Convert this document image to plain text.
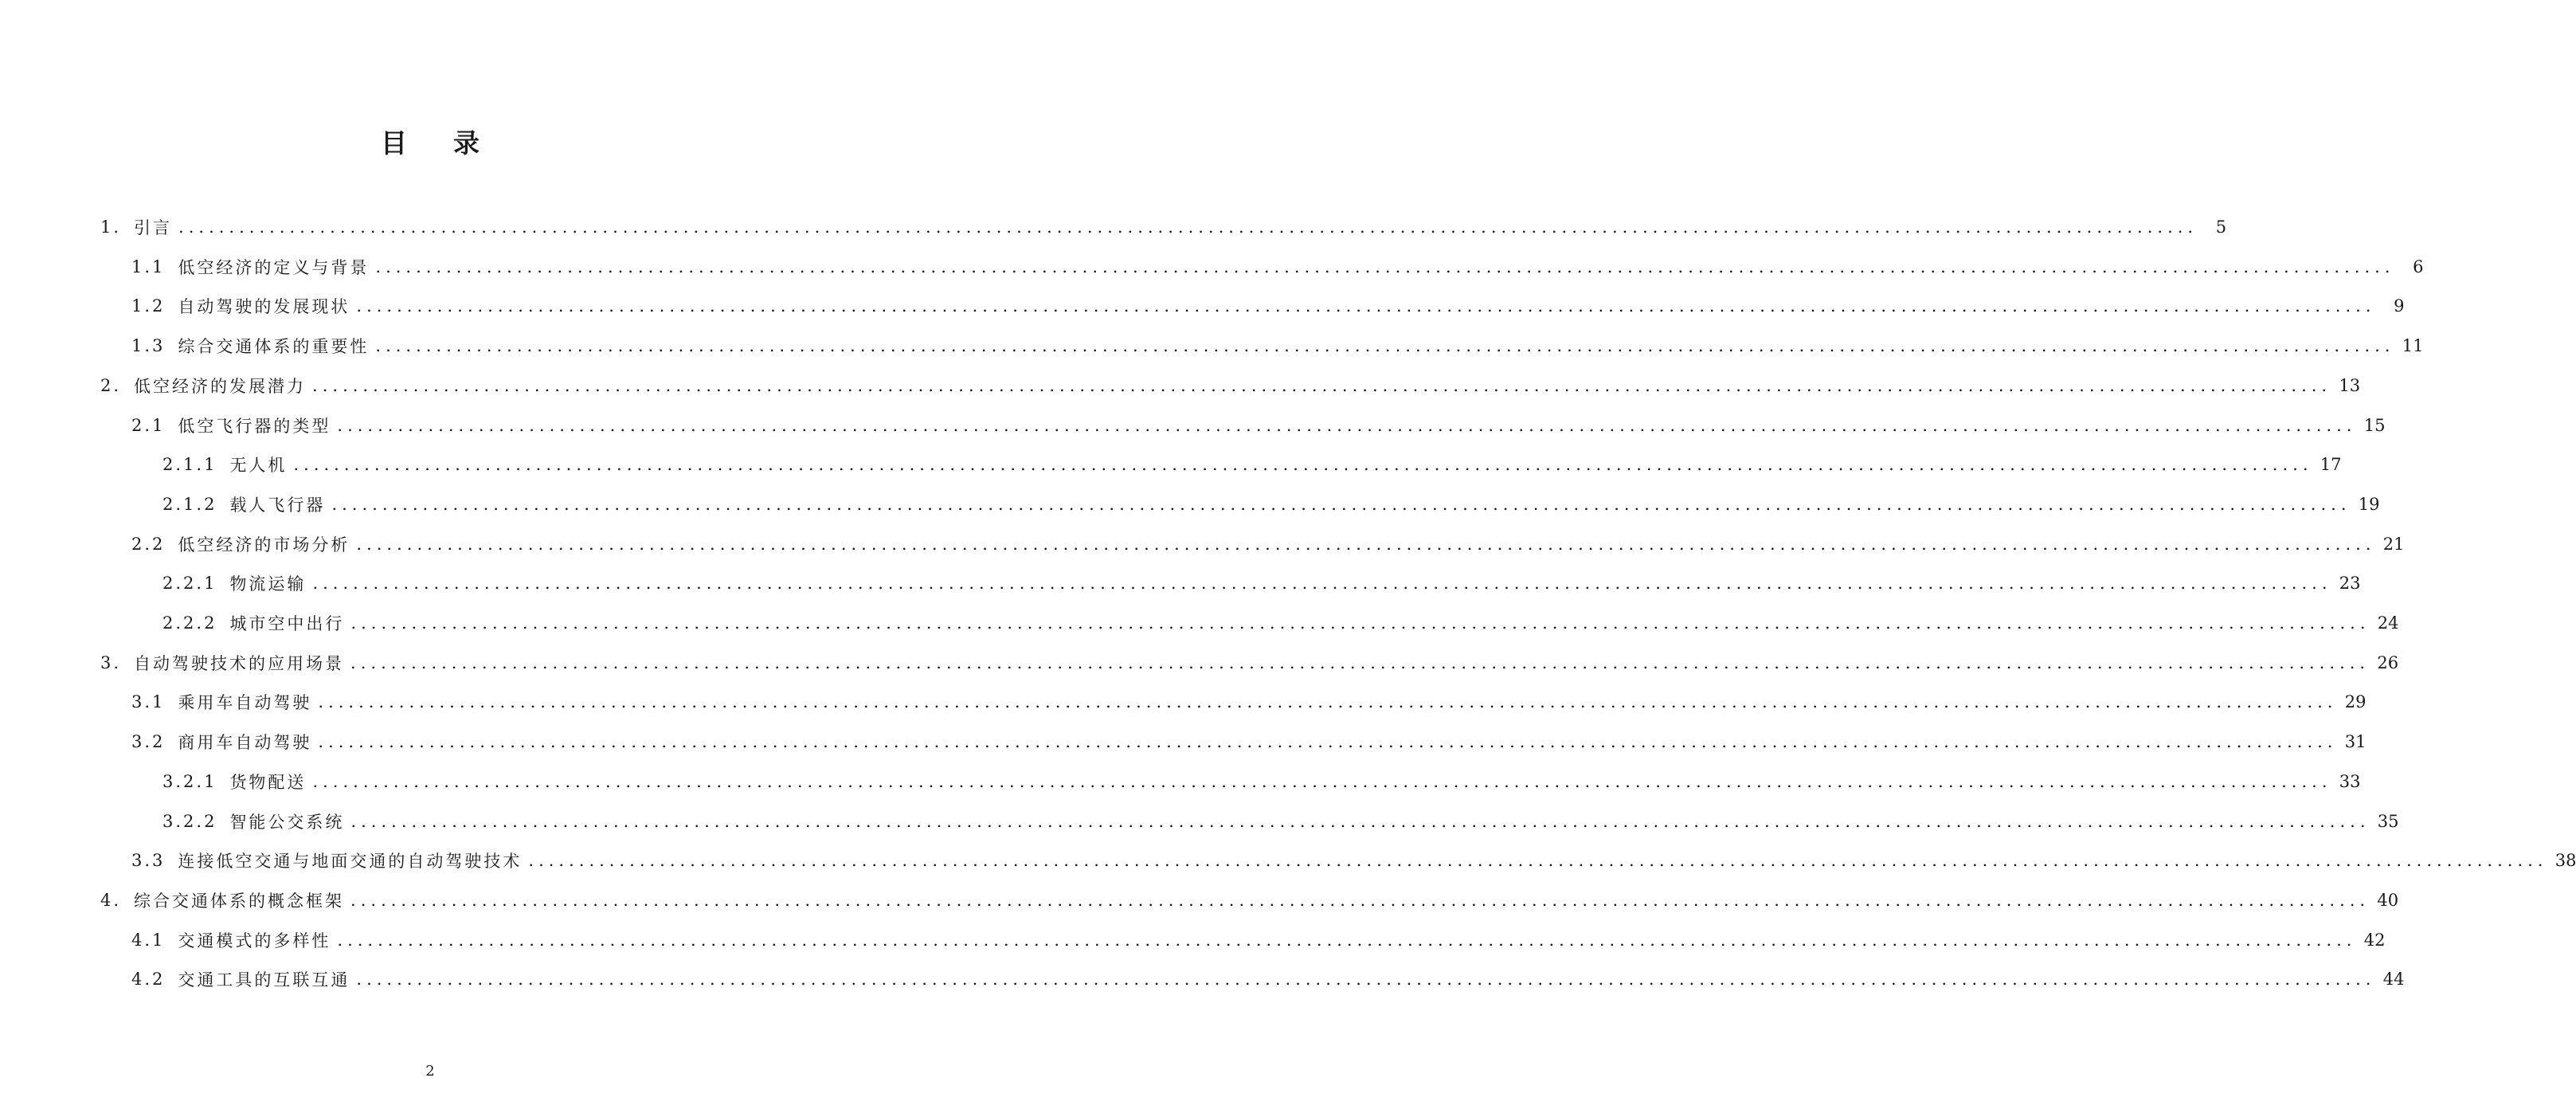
目 录
1. 引言 ........................................................................................................................................................................................................	5
1.1 低空经济的定义与背景 ........................................................................................................................................................................................................	6
1.2 自动驾驶的发展现状 ........................................................................................................................................................................................................	9
1.3 综合交通体系的重要性 ........................................................................................................................................................................................................ 11
2. 低空经济的发展潜力 ........................................................................................................................................................................................................ 13
2.1 低空飞行器的类型 ........................................................................................................................................................................................................ 15
2.1.1 无人机 ........................................................................................................................................................................................................ 17
2.1.2 载人飞行器 ........................................................................................................................................................................................................ 19
2.2 低空经济的市场分析 ........................................................................................................................................................................................................ 21
2.2.1 物流运输 ........................................................................................................................................................................................................ 23
2.2.2 城市空中出行 ........................................................................................................................................................................................................ 24
3. 自动驾驶技术的应用场景 ........................................................................................................................................................................................................ 26
3.1 乘用车自动驾驶 ........................................................................................................................................................................................................ 29
3.2 商用车自动驾驶 ........................................................................................................................................................................................................ 31
3.2.1 货物配送 ........................................................................................................................................................................................................ 33
3.2.2 智能公交系统 ........................................................................................................................................................................................................ 35
3.3 连接低空交通与地面交通的自动驾驶技术 ........................................................................................................................................................................................................ 38
4. 综合交通体系的概念框架 ........................................................................................................................................................................................................ 40
4.1 交通模式的多样性 ........................................................................................................................................................................................................ 42
4.2 交通工具的互联互通 ........................................................................................................................................................................................................ 44
2
